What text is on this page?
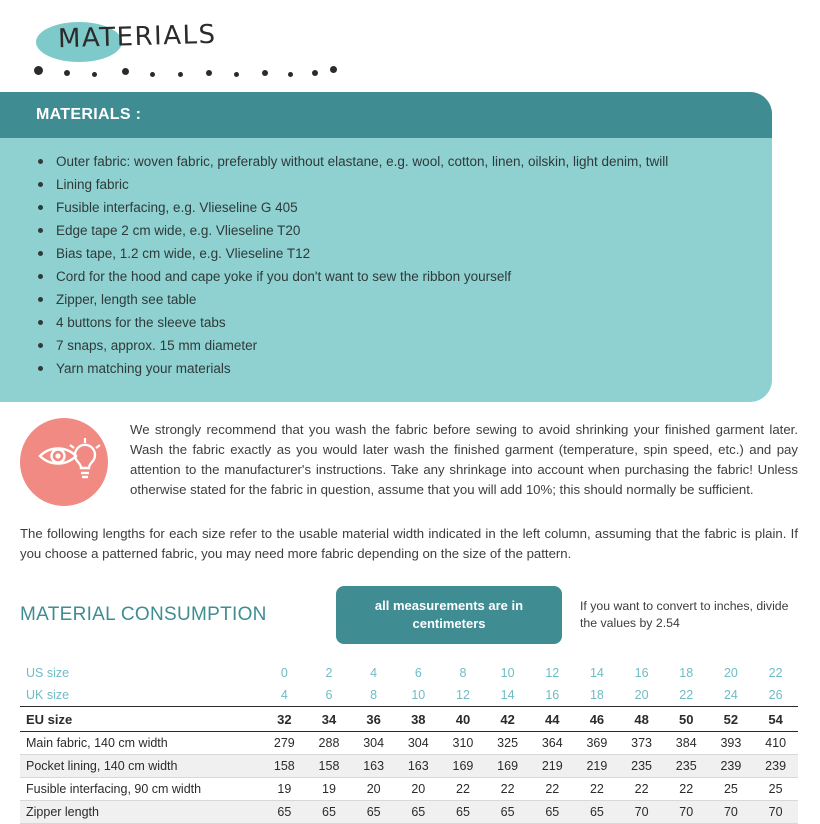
MATERIALS
MATERIALS :
Outer fabric: woven fabric, preferably without elastane, e.g. wool, cotton, linen, oilskin, light denim, twill
Lining fabric
Fusible interfacing, e.g. Vlieseline G 405
Edge tape 2 cm wide, e.g. Vlieseline T20
Bias tape, 1.2 cm wide, e.g. Vlieseline T12
Cord for the hood and cape yoke if you don't want to sew the ribbon yourself
Zipper, length see table
4 buttons for the sleeve tabs
7 snaps, approx. 15 mm diameter
Yarn matching your materials
We strongly recommend that you wash the fabric before sewing to avoid shrinking your finished garment later. Wash the fabric exactly as you would later wash the finished garment (temperature, spin speed, etc.) and pay attention to the manufacturer's instructions. Take any shrinkage into account when purchasing the fabric! Unless otherwise stated for the fabric in question, assume that you will add 10%; this should normally be sufficient.
The following lengths for each size refer to the usable material width indicated in the left column, assuming that the fabric is plain. If you choose a patterned fabric, you may need more fabric depending on the size of the pattern.
MATERIAL CONSUMPTION	all measurements are in centimeters
If you want to convert to inches, divide the values by 2.54
US size	0	2	4	6	8	10	12	14	16	18	20	22
UK size	4	6	8	10	12	14	16	18	20	22	24	26
EU size	32	34	36	38	40	42	44	46	48	50	52	54
Main fabric, 140 cm width	279	288	304	304	310	325	364	369	373	384	393	410
Pocket lining, 140 cm width	158	158	163	163	169	169	219	219	235	235	239	239
Fusible interfacing, 90 cm width	19	19	20	20	22	22	22	22	22	22	25	25
Zipper length	65	65	65	65	65	65	65	65	70	70	70	70
